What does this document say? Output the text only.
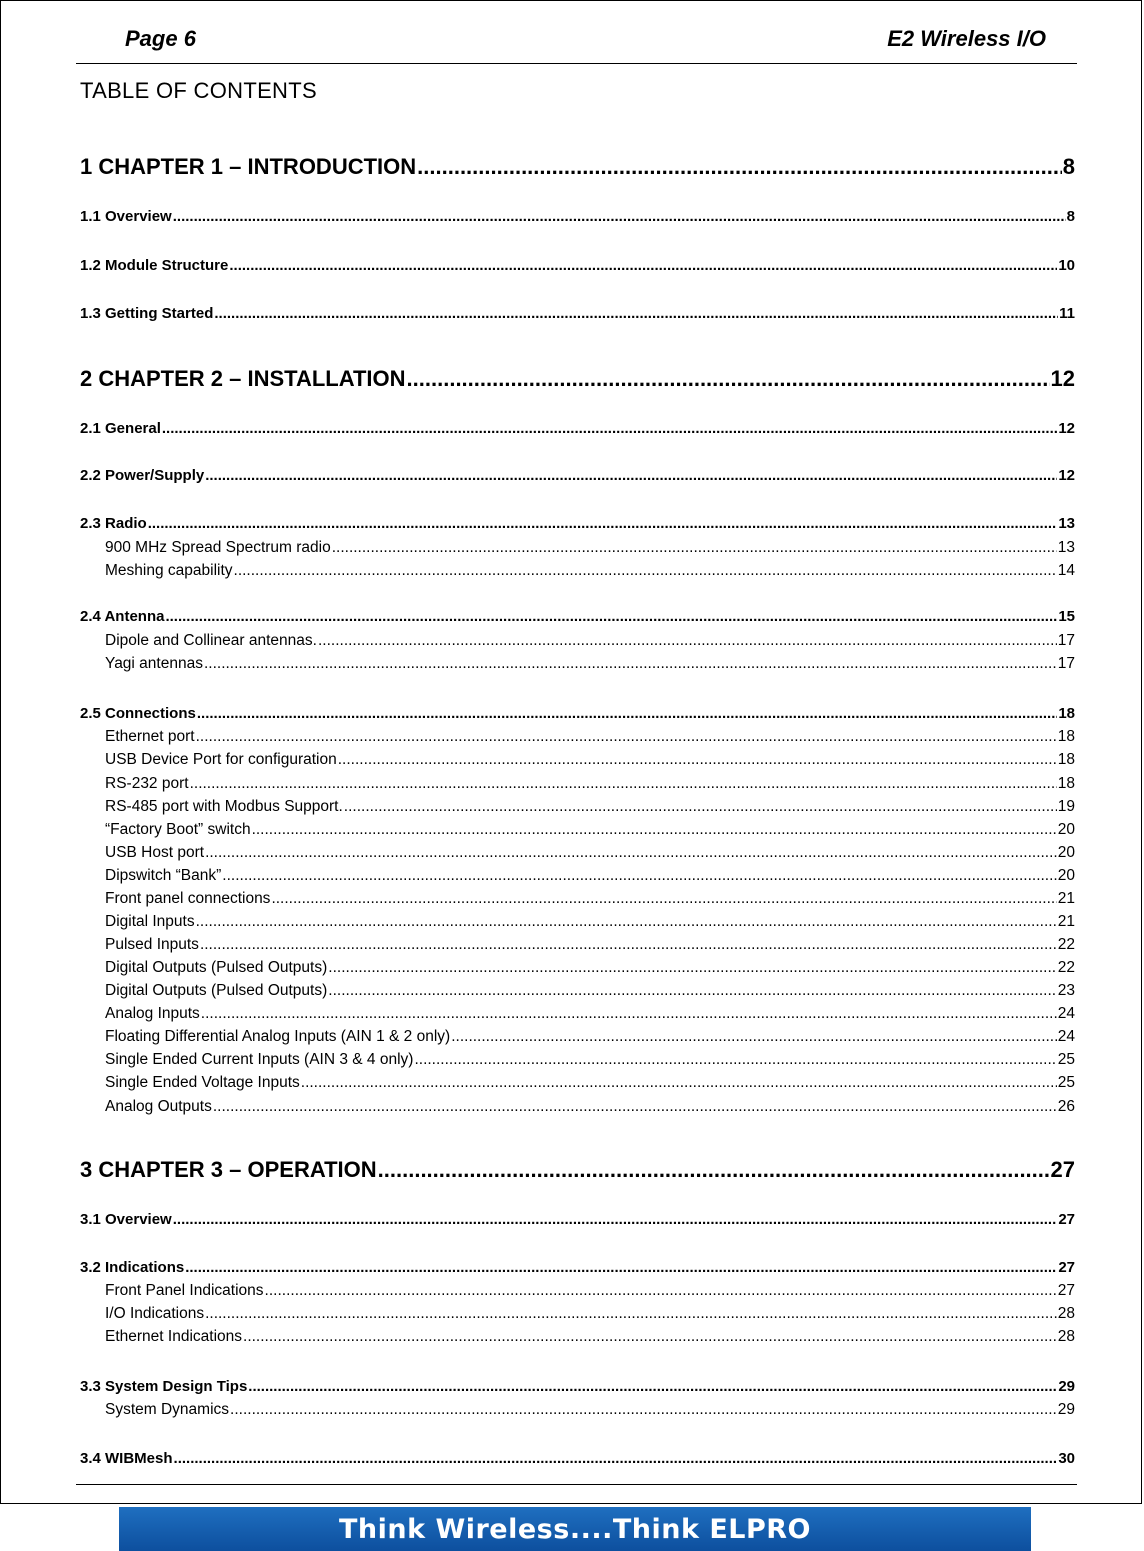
Page 6	E2 Wireless I/O
TABLE OF CONTENTS
1 CHAPTER 1 – INTRODUCTION .....	8
1.1 Overview .....	8
1.2 Module Structure .....	10
1.3 Getting Started .....	11
2 CHAPTER 2 – INSTALLATION .....	12
2.1 General .....	12
2.2 Power/Supply .....	12
2.3 Radio .....	13
900 MHz Spread Spectrum radio .....	13
Meshing capability .....	14
2.4 Antenna .....	15
Dipole and Collinear antennas. .....	17
Yagi antennas .....	17
2.5 Connections .....	18
Ethernet port .....	18
USB Device Port for configuration .....	18
RS-232 port .....	18
RS-485 port with Modbus Support. .....	19
“Factory Boot” switch .....	20
USB Host port .....	20
Dipswitch “Bank” .....	20
Front panel connections .....	21
Digital Inputs .....	21
Pulsed Inputs .....	22
Digital Outputs (Pulsed Outputs) .....	22
Digital Outputs (Pulsed Outputs) .....	23
Analog Inputs .....	24
Floating Differential Analog Inputs (AIN 1 & 2 only) .....	24
Single Ended Current Inputs (AIN 3 & 4 only) .....	25
Single Ended Voltage Inputs .....	25
Analog Outputs .....	26
3 CHAPTER 3 – OPERATION .....	27
3.1 Overview .....	27
3.2 Indications .....	27
Front Panel Indications .....	27
I/O Indications .....	28
Ethernet Indications .....	28
3.3 System Design Tips .....	29
System Dynamics .....	29
3.4 WIBMesh .....	30
Think Wireless....Think ELPRO
